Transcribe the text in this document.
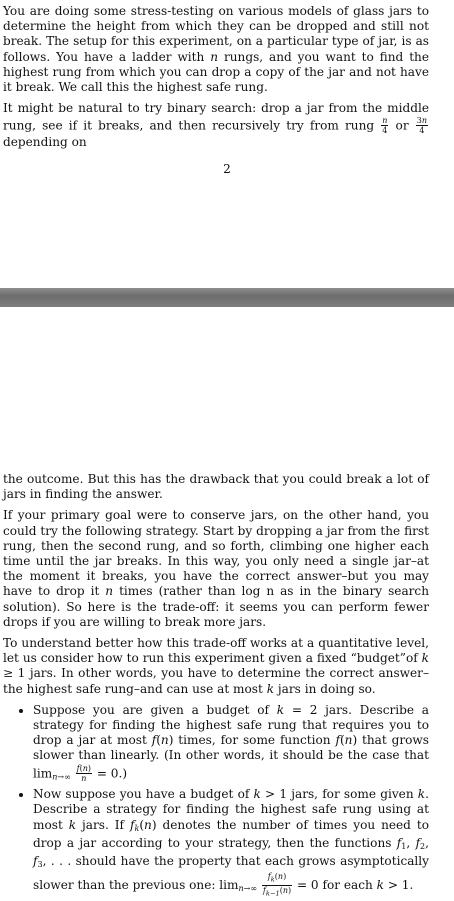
You are doing some stress-testing on various models of glass jars to determine the height from which they can be dropped and still not break. The setup for this experiment, on a particular type of jar, is as follows. You have a ladder with n rungs, and you want to find the highest rung from which you can drop a copy of the jar and not have it break. We call this the highest safe rung.

It might be natural to try binary search: drop a jar from the middle rung, see if it breaks, and then recursively try from rung $\frac{n}{4}$ or $\frac{3n}{4}$
depending on

2

the outcome. But this has the drawback that you could break a lot of jars in finding the answer.

If your primary goal were to conserve jars, on the other hand, you could try the following strategy. Start by dropping a jar from the first rung, then the second rung, and so forth, climbing one higher each time until the jar breaks. In this way, you only need a single jar–at the moment it breaks, you have the correct answer–but you may have to drop it n times (rather than log n as in the binary search solution). So here is the trade-off: it seems you can perform fewer drops if you are willing to break more jars.

To understand better how this trade-off works at a quantitative level, let us consider how to run this experiment given a fixed “budget”of k ≥ 1 jars. In other words, you have to determine the correct answer–the highest safe rung–and can use at most k jars in doing so.

• Suppose you are given a budget of k = 2 jars. Describe a strategy for finding the highest safe rung that requires you to drop a jar at most f(n) times, for some function f(n) that grows slower than linearly. (In other words, it should be the case that $\lim_{n\to\infty} \frac{f(n)}{n} = 0$.)
• Now suppose you have a budget of k > 1 jars, for some given k. Describe a strategy for finding the highest safe rung using at most k jars. If $f_k(n)$ denotes the number of times you need to drop a jar according to your strategy, then the functions $f_1$, $f_2$, $f_3$, . . . should have the property that each grows asymptotically slower than the previous one: $\lim_{n\to\infty} \frac{f_k(n)}{f_{k-1}(n)} = 0$ for each k > 1.
